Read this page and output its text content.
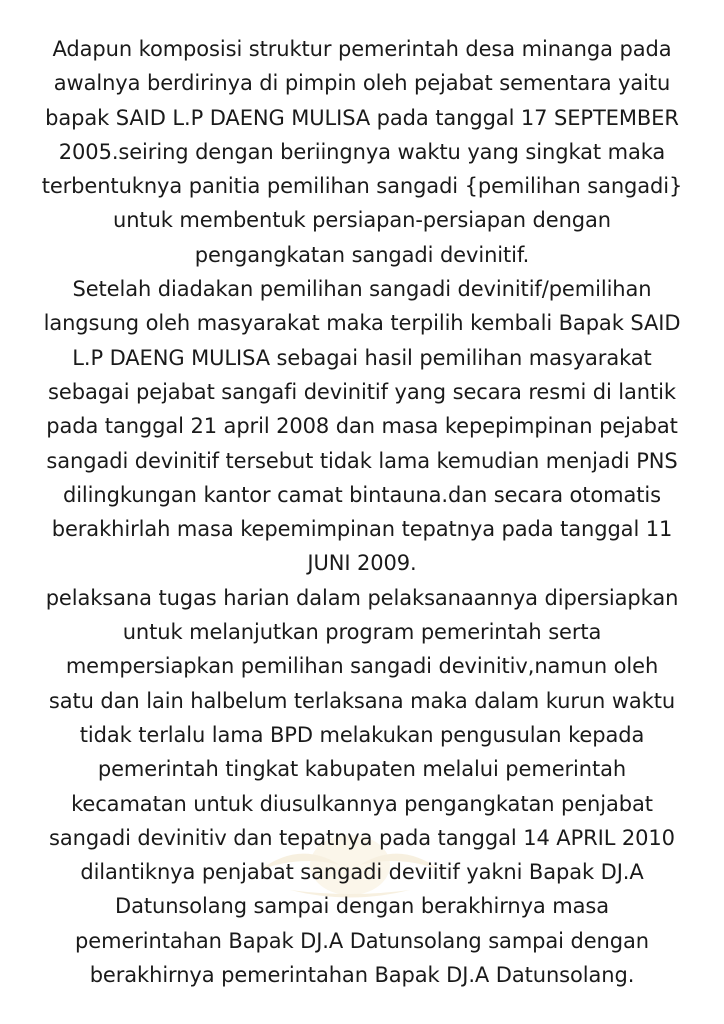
Adapun komposisi struktur pemerintah desa minanga pada
awalnya berdirinya di pimpin oleh pejabat sementara yaitu
bapak SAID L.P DAENG MULISA pada tanggal 17 SEPTEMBER
2005.seiring dengan beriingnya waktu yang singkat maka
terbentuknya panitia pemilihan sangadi {pemilihan sangadi}
untuk membentuk persiapan-persiapan dengan
pengangkatan sangadi devinitif.
Setelah diadakan pemilihan sangadi devinitif/pemilihan
langsung oleh masyarakat maka terpilih kembali Bapak SAID
L.P DAENG MULISA sebagai hasil pemilihan masyarakat
sebagai pejabat sangafi devinitif yang secara resmi di lantik
pada tanggal 21 april 2008 dan masa kepepimpinan pejabat
sangadi devinitif tersebut tidak lama kemudian menjadi PNS
dilingkungan kantor camat bintauna.dan secara otomatis
berakhirlah masa kepemimpinan tepatnya pada tanggal 11
JUNI 2009.
pelaksana tugas harian dalam pelaksanaannya dipersiapkan
untuk melanjutkan program pemerintah serta
mempersiapkan pemilihan sangadi devinitiv,namun oleh
satu dan lain halbelum terlaksana maka dalam kurun waktu
tidak terlalu lama BPD melakukan pengusulan kepada
pemerintah tingkat kabupaten melalui pemerintah
kecamatan untuk diusulkannya pengangkatan penjabat
sangadi devinitiv dan tepatnya pada tanggal 14 APRIL 2010
dilantiknya penjabat sangadi deviitif yakni Bapak DJ.A
Datunsolang sampai dengan berakhirnya masa
pemerintahan Bapak DJ.A Datunsolang sampai dengan
berakhirnya pemerintahan Bapak DJ.A Datunsolang.
